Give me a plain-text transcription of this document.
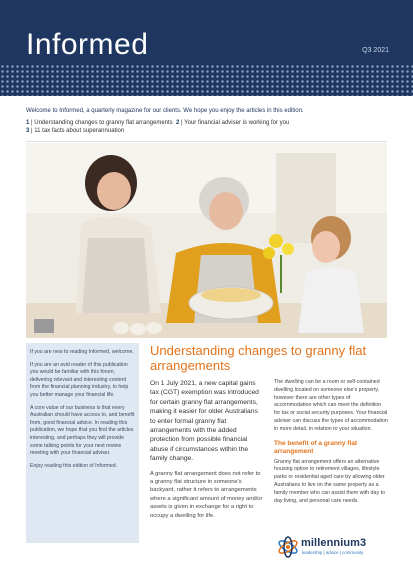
Informed	Q3 2021
Welcome to Informed, a quarterly magazine for our clients. We hope you enjoy the articles in this edition.
1 | Understanding changes to granny flat arrangements 2 | Your financial adviser is working for you
3 | 11 tax facts about superannuation

If you are new to reading Informed, welcome.

If you are an avid reader of this publication you would be familiar with this forum, delivering relevant and interesting content from the financial planning industry, to help you better manage your financial life.

A core value of our business is that every Australian should have access to, and benefit from, good financial advice. In reading this publication, we hope that you find the articles interesting, and perhaps they will provide some talking points for your next review meeting with your financial adviser.

Enjoy reading this edition of Informed.

Understanding changes to granny flat arrangements

On 1 July 2021, a new capital gains tax (CGT) exemption was introduced for certain granny flat arrangements, making it easier for older Australians to enter formal granny flat arrangements with the added protection from possible financial abuse if circumstances within the family change.

A granny flat arrangement does not refer to a granny flat structure in someone's backyard, rather it refers to arrangements where a significant amount of money and/or assets is given in exchange for a right to occupy a dwelling for life.

The dwelling can be a room or self-contained dwelling located on someone else's property, however there are other types of accommodation which can meet the definition for tax or social security purposes. Your financial adviser can discuss the types of accommodation in more detail, in relation to your situation.

The benefit of a granny flat arrangement

Granny flat arrangement offers an alternative housing option to retirement villages, lifestyle parks or residential aged care by allowing older Australians to live on the same property as a family member who can assist them with day to day living, and personal care needs.

millennium3
leadership | advice | community
